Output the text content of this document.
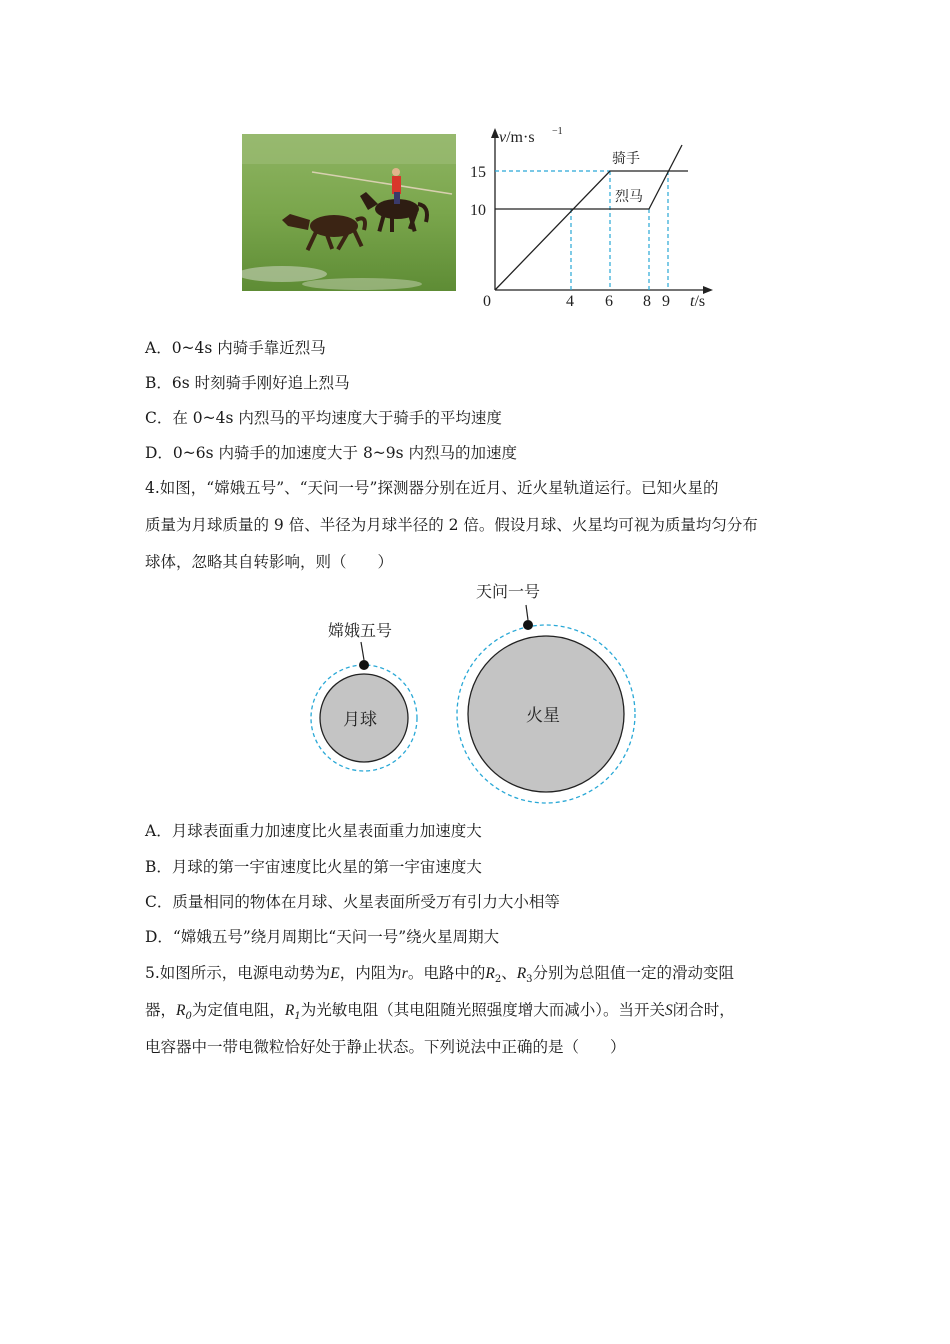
v/m·s −1
15
10
0	4 6 8 9 t/s
骑手
烈马
A．0~4s 内骑手靠近烈马
B．6s 时刻骑手刚好追上烈马
C．在 0~4s 内烈马的平均速度大于骑手的平均速度
D．0~6s 内骑手的加速度大于 8~9s 内烈马的加速度
4.如图，“嫦娥五号”、“天问一号”探测器分别在近月、近火星轨道运行。已知火星的
质量为月球质量的 9 倍、半径为月球半径的 2 倍。假设月球、火星均可视为质量均匀分布
球体，忽略其自转影响，则（　　）
月球
嫦娥五号
火星
天问一号
A．月球表面重力加速度比火星表面重力加速度大
B．月球的第一宇宙速度比火星的第一宇宙速度大
C．质量相同的物体在月球、火星表面所受万有引力大小相等
D．“嫦娥五号”绕月周期比“天问一号”绕火星周期大
5.如图所示，电源电动势为E，内阻为r。电路中的$R_2$、$R_3$分别为总阻值一定的滑动变阻
器，$R_0$为定值电阻，$R_1$为光敏电阻（其电阻随光照强度增大而减小）。当开关S闭合时，
电容器中一带电微粒恰好处于静止状态。下列说法中正确的是（　　）
